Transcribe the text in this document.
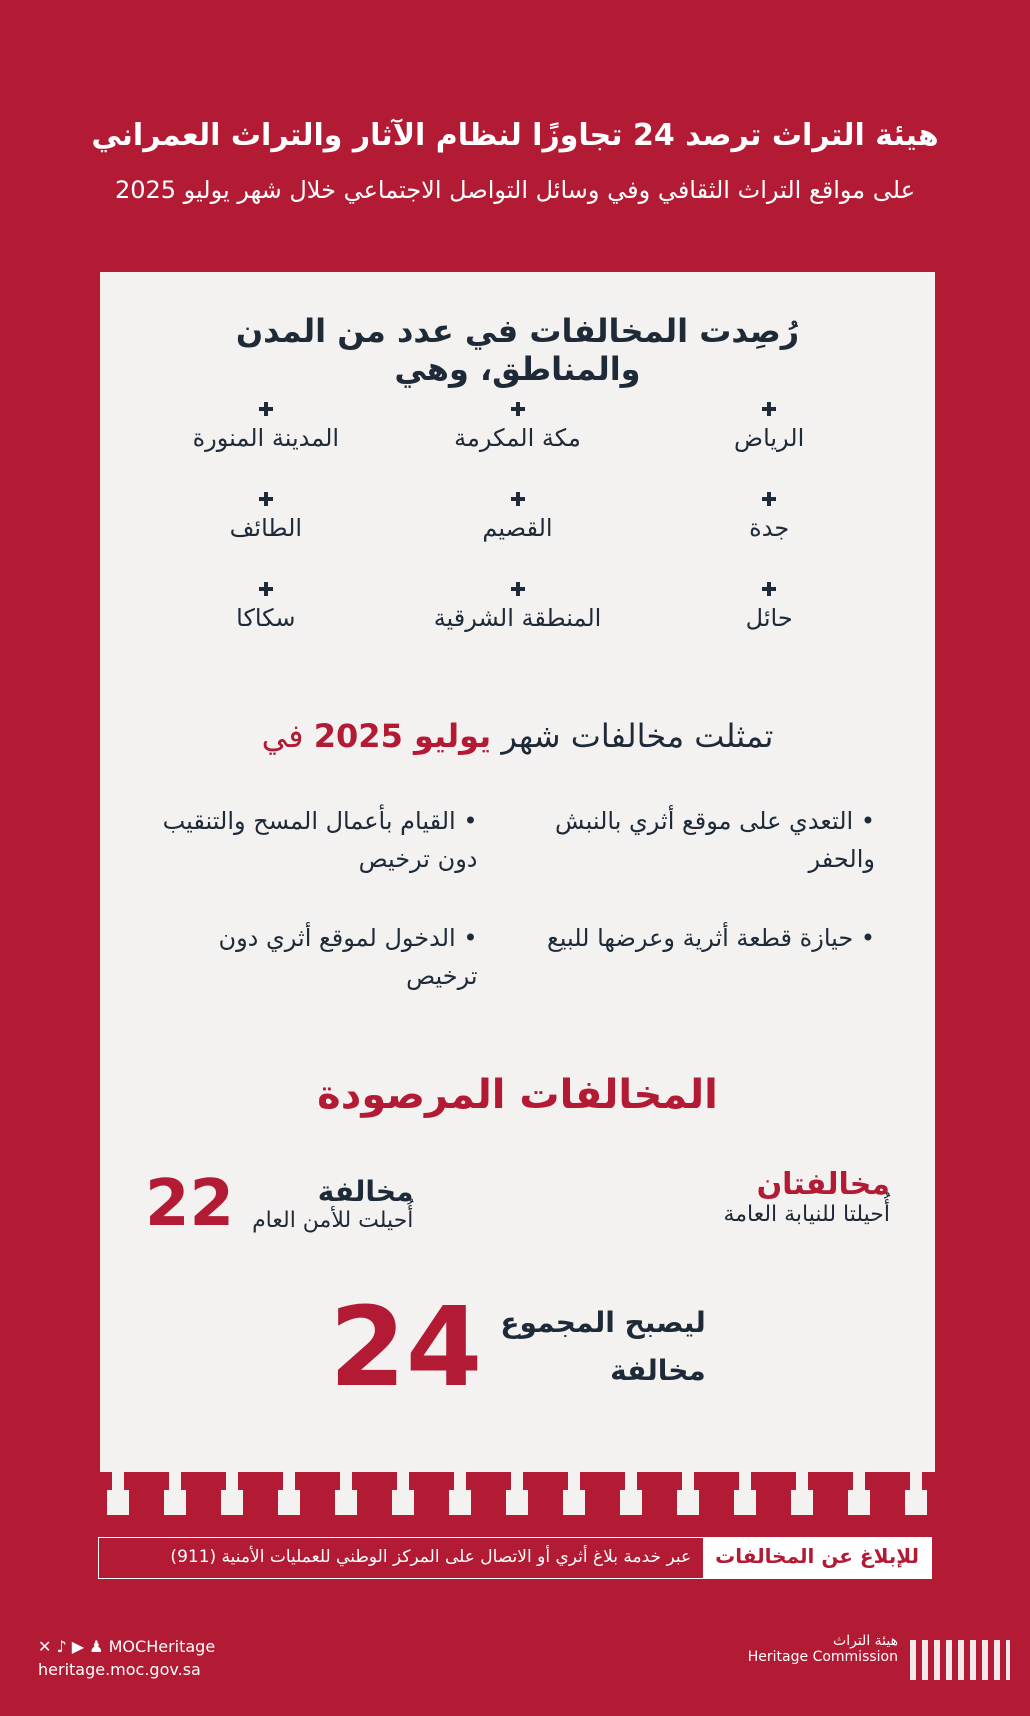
هيئة التراث ترصد 24 تجاوزًا لنظام الآثار والتراث العمراني
على مواقع التراث الثقافي وفي وسائل التواصل الاجتماعي خلال شهر يوليو 2025
رُصِدت المخالفات في عدد من المدن والمناطق، وهي
الرياض
مكة المكرمة
المدينة المنورة
جدة
القصيم
الطائف
حائل
المنطقة الشرقية
سكاكا
تمثلت مخالفات شهر يوليو 2025 في
• التعدي على موقع أثري بالنبش والحفر
• القيام بأعمال المسح والتنقيب دون ترخيص
• حيازة قطعة أثرية وعرضها للبيع
• الدخول لموقع أثري دون ترخيص
المخالفات المرصودة
مخالفتان
أُحيلتا للنيابة العامة
مخالفة
أُحيلت للأمن العام
22
ليصبح المجموع
مخالفة
24
للإبلاغ عن المخالفات
عبر خدمة بلاغ أثري أو الاتصال على المركز الوطني للعمليات الأمنية (911)
✕ ♪ ▶ ♟ MOCHeritage
heritage.moc.gov.sa
هيئة التراث
Heritage Commission
